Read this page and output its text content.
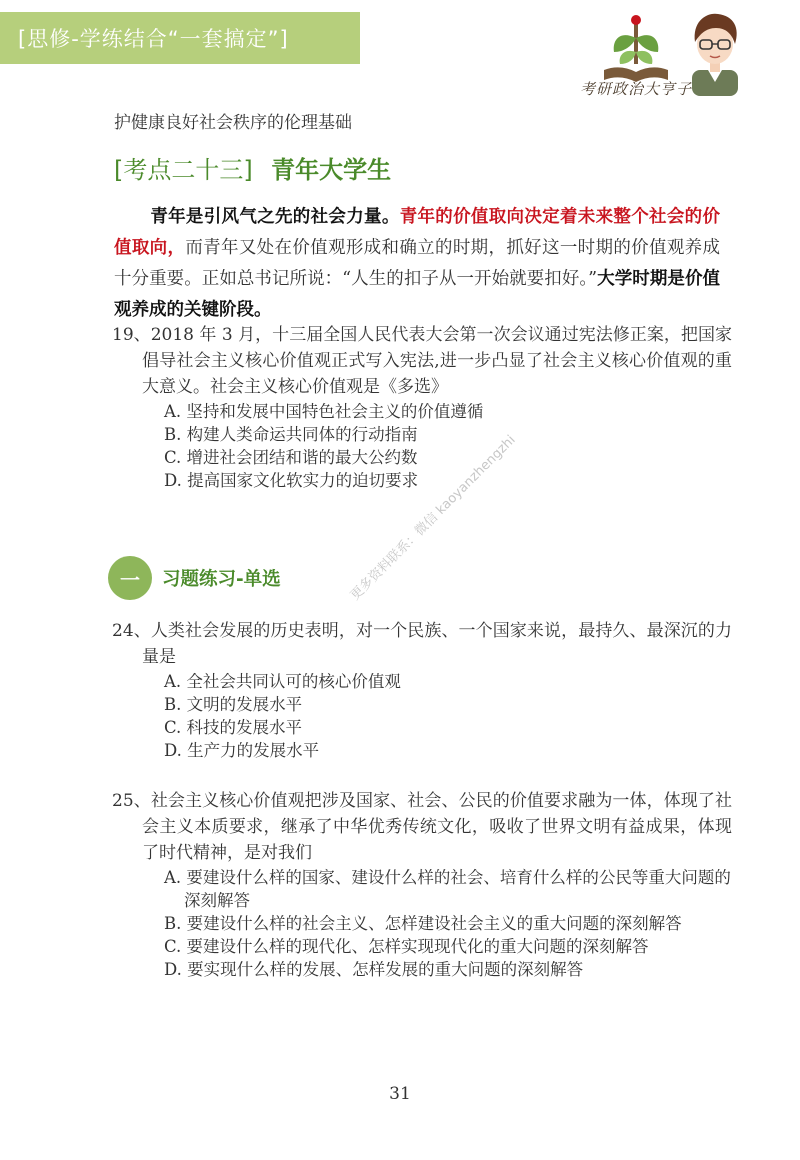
[思修-学练结合“一套搞定”]
考研政治大亨子
护健康良好社会秩序的伦理基础
[考点二十三] 青年大学生
青年是引风气之先的社会力量。青年的价值取向决定着未来整个社会的价值取向，而青年又处在价值观形成和确立的时期，抓好这一时期的价值观养成十分重要。正如总书记所说：“人生的扣子从一开始就要扣好。”大学时期是价值观养成的关键阶段。
19、2018 年 3 月，十三届全国人民代表大会第一次会议通过宪法修正案，把国家倡导社会主义核心价值观正式写入宪法,进一步凸显了社会主义核心价值观的重大意义。社会主义核心价值观是《多选》
A. 坚持和发展中国特色社会主义的价值遵循
B. 构建人类命运共同体的行动指南
C. 增进社会团结和谐的最大公约数
D. 提高国家文化软实力的迫切要求
一	习题练习-单选
24、人类社会发展的历史表明，对一个民族、一个国家来说，最持久、最深沉的力量是
A. 全社会共同认可的核心价值观
B. 文明的发展水平
C. 科技的发展水平
D. 生产力的发展水平
25、社会主义核心价值观把涉及国家、社会、公民的价值要求融为一体，体现了社会主义本质要求，继承了中华优秀传统文化，吸收了世界文明有益成果，体现了时代精神，是对我们
A. 要建设什么样的国家、建设什么样的社会、培育什么样的公民等重大问题的深刻解答
B. 要建设什么样的社会主义、怎样建设社会主义的重大问题的深刻解答
C. 要建设什么样的现代化、怎样实现现代化的重大问题的深刻解答
D. 要实现什么样的发展、怎样发展的重大问题的深刻解答
更多资料联系：微信 kaoyanzhengzhi
31
